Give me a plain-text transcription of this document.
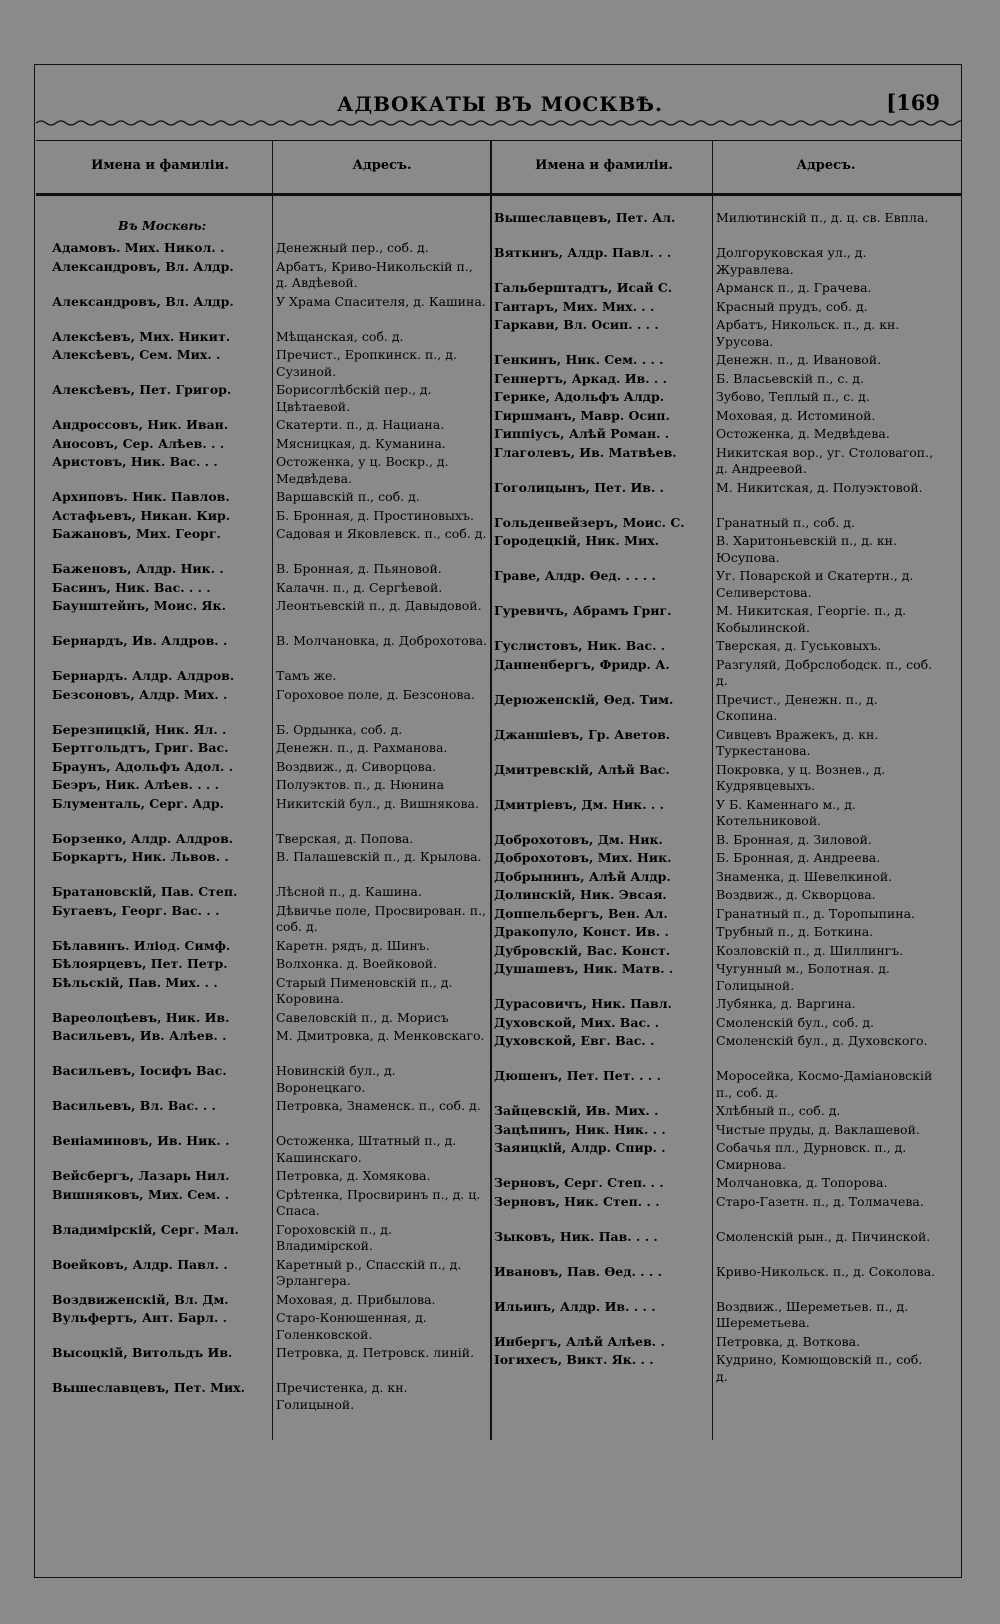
АДВОКАТЫ ВЪ МОСКВѢ.	[169
Имена и фамиліи.	Адресъ.	Имена и фамиліи.	Адресъ.
Въ Москвѣ:
Адамовъ. Мих. Никол. .	Денежный пер., соб. д.
Александровъ, Вл. Алдр.	Арбатъ, Криво-Никольскій п., д. Авдѣевой.
Александровъ, Вл. Алдр.	У Храма Спасителя, д. Кашина.
Алексѣевъ, Мих. Никит.	Мѣщанская, соб. д.
Алексѣевъ, Сем. Мих. .	Пречист., Еропкинск. п., д. Сузиной.
Алексѣевъ, Пет. Григор.	Борисоглѣбскій пер., д. Цвѣтаевой.
Андроссовъ, Ник. Иван.	Скатерти. п., д. Нациана.
Аносовъ, Сер. Алѣев. . .	Мясницкая, д. Куманина.
Аристовъ, Ник. Вас. . .	Остоженка, у ц. Воскр., д. Медвѣдева.
Архиповъ. Ник. Павлов.	Варшавскій п., соб. д.
Астафьевъ, Никан. Кир.	Б. Бронная, д. Простиновыхъ.
Бажановъ, Мих. Георг.	Садовая и Яковлевск. п., соб. д.
Баженовъ, Алдр. Ник. .	В. Бронная, д. Пьяновой.
Басинъ, Ник. Вас. . . .	Калачн. п., д. Сергѣевой.
Баунштейнъ, Моис. Як.	Леонтьевскій п., д. Давыдовой.
Бернардъ, Ив. Алдров. .	В. Молчановка, д. Доброхотова.
Бернардъ. Алдр. Алдров.	Тамъ же.
Безсоновъ, Алдр. Мих. .	Гороховое поле, д. Безсонова.
Березницкій, Ник. Ял. .	Б. Ордынка, соб. д.
Бертгольдтъ, Григ. Вас.	Денежн. п., д. Рахманова.
Браунъ, Адольфъ Адол. .	Воздвиж., д. Сиворцова.
Беэръ, Ник. Алѣев. . . .	Полуэктов. п., д. Нюнина
Блументаль, Серг. Адр.	Никитскій бул., д. Вишнякова.
Борзенко, Алдр. Алдров.	Тверская, д. Попова.
Боркартъ, Ник. Львов. .	В. Палашевскій п., д. Крылова.
Братановскій, Пав. Степ.	Лѣсной п., д. Кашина.
Бугаевъ, Георг. Вас. . .	Дѣвичье поле, Просвирован. п., соб. д.
Бѣлавинъ. Иліод. Симф.	Каретн. рядъ, д. Шинъ.
Бѣлоярцевъ, Пет. Петр.	Волхонка. д. Воейковой.
Бѣльскій, Пав. Мих. . .	Старый Пименовскій п., д. Коровина.
Вареолоцѣевъ, Ник. Ив.	Савеловскій п., д. Морисъ
Васильевъ, Ив. Алѣев. .	М. Дмитровка, д. Менковскаго.
Васильевъ, Іосифъ Вас.	Новинскій бул., д. Воронецкаго.
Васильевъ, Вл. Вас. . .	Петровка, Знаменск. п., соб. д.
Веніаминовъ, Ив. Ник. .	Остоженка, Штатный п., д. Кашинскаго.
Вейсбергъ, Лазарь Нил.	Петровка, д. Хомякова.
Вишняковъ, Мих. Сем. .	Срѣтенка, Просвиринъ п., д. ц. Спаса.
Владимірскій, Серг. Мал.	Гороховскій п., д. Владимірской.
Воейковъ, Алдр. Павл. .	Каретный р., Спасскій п., д. Эрлангера.
Воздвиженскій, Вл. Дм.	Моховая, д. Прибылова.
Вульфертъ, Ант. Барл. .	Старо-Конюшенная, д. Голенковской.
Высоцкій, Витольдъ Ив.	Петровка, д. Петровск. линій.
Вышеславцевъ, Пет. Мих.	Пречистенка, д. кн. Голицыной.
Вышеславцевъ, Пет. Ал.	Милютинскій п., д. ц. св. Евпла.
Вяткинъ, Алдр. Павл. . .	Долгоруковская ул., д. Журавлева.
Гальберштадтъ, Исай С.	Арманск п., д. Грачева.
Гантаръ, Мих. Мих. . .	Красный прудъ, соб. д.
Гаркави, Вл. Осип. . . .	Арбатъ, Никольск. п., д. кн. Урусова.
Генкинъ, Ник. Сем. . . .	Денежн. п., д. Ивановой.
Геннертъ, Аркад. Ив. . .	Б. Власьевскій п., с. д.
Герике, Адольфъ Алдр.	Зубово, Теплый п., с. д.
Гиршманъ, Мавр. Осип.	Моховая, д. Истоминой.
Гиппіусъ, Алѣй Роман. .	Остоженка, д. Медвѣдева.
Глаголевъ, Ив. Матвѣев.	Никитская вор., уг. Столовагоп., д. Андреевой.
Гоголицынъ, Пет. Ив. .	М. Никитская, д. Полуэктовой.
Гольденвейзеръ, Моис. С.	Гранатный п., соб. д.
Городецкій, Ник. Мих.	В. Харитоньевскій п., д. кн. Юсупова.
Граве, Алдр. Ѳед. . . . .	Уг. Поварской и Скатертн., д. Селиверстова.
Гуревичъ, Абрамъ Григ.	М. Никитская, Георгіе. п., д. Кобылинской.
Гуслистовъ, Ник. Вас. .	Тверская, д. Гуськовыхъ.
Данненбергъ, Фридр. А.	Разгуляй, Добрслободск. п., соб. д.
Дерюженскій, Ѳед. Тим.	Пречист., Денежн. п., д. Скопина.
Джаншіевъ, Гр. Аветов.	Сивцевъ Вражекъ, д. кн. Туркестанова.
Дмитревскій, Алѣй Вас.	Покровка, у ц. Вознев., д. Кудрявцевыхъ.
Дмитріевъ, Дм. Ник. . .	У Б. Каменнаго м., д. Котельниковой.
Доброхотовъ, Дм. Ник.	В. Бронная, д. Зиловой.
Доброхотовъ, Мих. Ник.	Б. Бронная, д. Андреева.
Добрынинъ, Алѣй Алдр.	Знаменка, д. Шевелкиной.
Долинскій, Ник. Эвсая.	Воздвиж., д. Скворцова.
Доппельбергъ, Вен. Ал.	Гранатный п., д. Торопыпина.
Дракопуло, Конст. Ив. .	Трубный п., д. Боткина.
Дубровскій, Вас. Конст.	Козловскій п., д. Шиллингъ.
Душашевъ, Ник. Матв. .	Чугунный м., Болотная. д. Голицыной.
Дурасовичъ, Ник. Павл.	Лубянка, д. Варгина.
Духовской, Мих. Вас. .	Смоленскій бул., соб. д.
Духовской, Евг. Вас. .	Смоленскій бул., д. Духовского.
Дюшенъ, Пет. Пет. . . .	Моросейка, Космо-Даміановскій п., соб. д.
Зайцевскій, Ив. Мих. .	Хлѣбный п., соб. д.
Зацѣпинъ, Ник. Ник. . .	Чистые пруды, д. Ваклашевой.
Заяицкій, Алдр. Спир. .	Собачья пл., Дурновск. п., д. Смирнова.
Зерновъ, Серг. Степ. . .	Молчановка, д. Топорова.
Зерновъ, Ник. Степ. . .	Старо-Газетн. п., д. Толмачева.
Зыковъ, Ник. Пав. . . .	Смоленскій рын., д. Пичинской.
Ивановъ, Пав. Ѳед. . . .	Криво-Никольск. п., д. Соколова.
Ильинъ, Алдр. Ив. . . .	Воздвиж., Шереметьев. п., д. Шереметьева.
Инбергъ, Алѣй Алѣев. .	Петровка, д. Воткова.
Іогихесъ, Викт. Як. . .	Кудрино, Комющовскій п., соб. д.
